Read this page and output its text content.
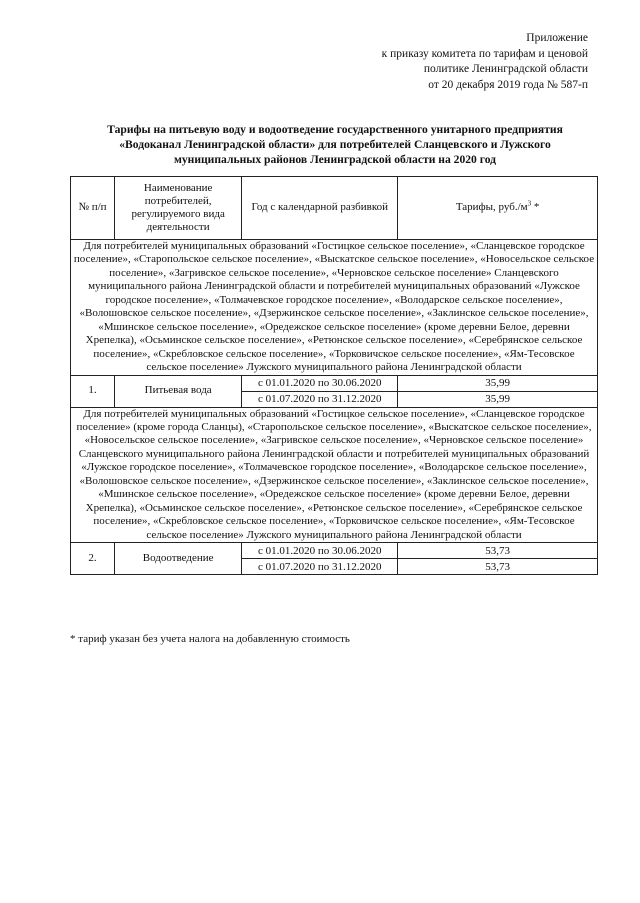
Приложение
к приказу комитета по тарифам и ценовой
политике Ленинградской области
от 20 декабря 2019 года № 587-п
Тарифы на питьевую воду и водоотведение государственного унитарного предприятия
«Водоканал Ленинградской области» для потребителей Сланцевского и Лужского
муниципальных районов Ленинградской области на 2020 год
№ п/п	Наименование потребителей, регулируемого вида деятельности	Год с календарной разбивкой	Тарифы, $руб./м^3$ *
Для потребителей муниципальных образований «Гостицкое сельское поселение», «Сланцевское городское поселение», «Старопольское сельское поселение», «Выскатское сельское поселение», «Новосельское сельское поселение», «Загривское сельское поселение», «Черновское сельское поселение» Сланцевского муниципального района Ленинградской области и потребителей муниципальных образований «Лужское городское поселение», «Толмачевское городское поселение», «Володарское сельское поселение», «Волошовское сельское поселение», «Дзержинское сельское поселение», «Заклинское сельское поселение», «Мшинское сельское поселение», «Оредежское сельское поселение» (кроме деревни Белое, деревни Хрепелка), «Осьминское сельское поселение», «Ретюнское сельское поселение», «Серебрянское сельское поселение», «Скребловское сельское поселение», «Торковичское сельское поселение», «Ям-Тесовское сельское поселение» Лужского муниципального района Ленинградской области			
1.	Питьевая вода	с 01.01.2020 по 30.06.2020	35,99
		с 01.07.2020 по 31.12.2020	35,99
Для потребителей муниципальных образований «Гостицкое сельское поселение», «Сланцевское городское поселение» (кроме города Сланцы), «Старопольское сельское поселение», «Выскатское сельское поселение», «Новосельское сельское поселение», «Загривское сельское поселение», «Черновское сельское поселение» Сланцевского муниципального района Ленинградской области и потребителей муниципальных образований «Лужское городское поселение», «Толмачевское городское поселение», «Володарское сельское поселение», «Волошовское сельское поселение», «Дзержинское сельское поселение», «Заклинское сельское поселение», «Мшинское сельское поселение», «Оредежское сельское поселение» (кроме деревни Белое, деревни Хрепелка), «Осьминское сельское поселение», «Ретюнское сельское поселение», «Серебрянское сельское поселение», «Скребловское сельское поселение», «Торковичское сельское поселение», «Ям-Тесовское сельское поселение» Лужского муниципального района Ленинградской области			
2.	Водоотведение	с 01.01.2020 по 30.06.2020	53,73
		с 01.07.2020 по 31.12.2020	53,73
* тариф указан без учета налога на добавленную стоимость
